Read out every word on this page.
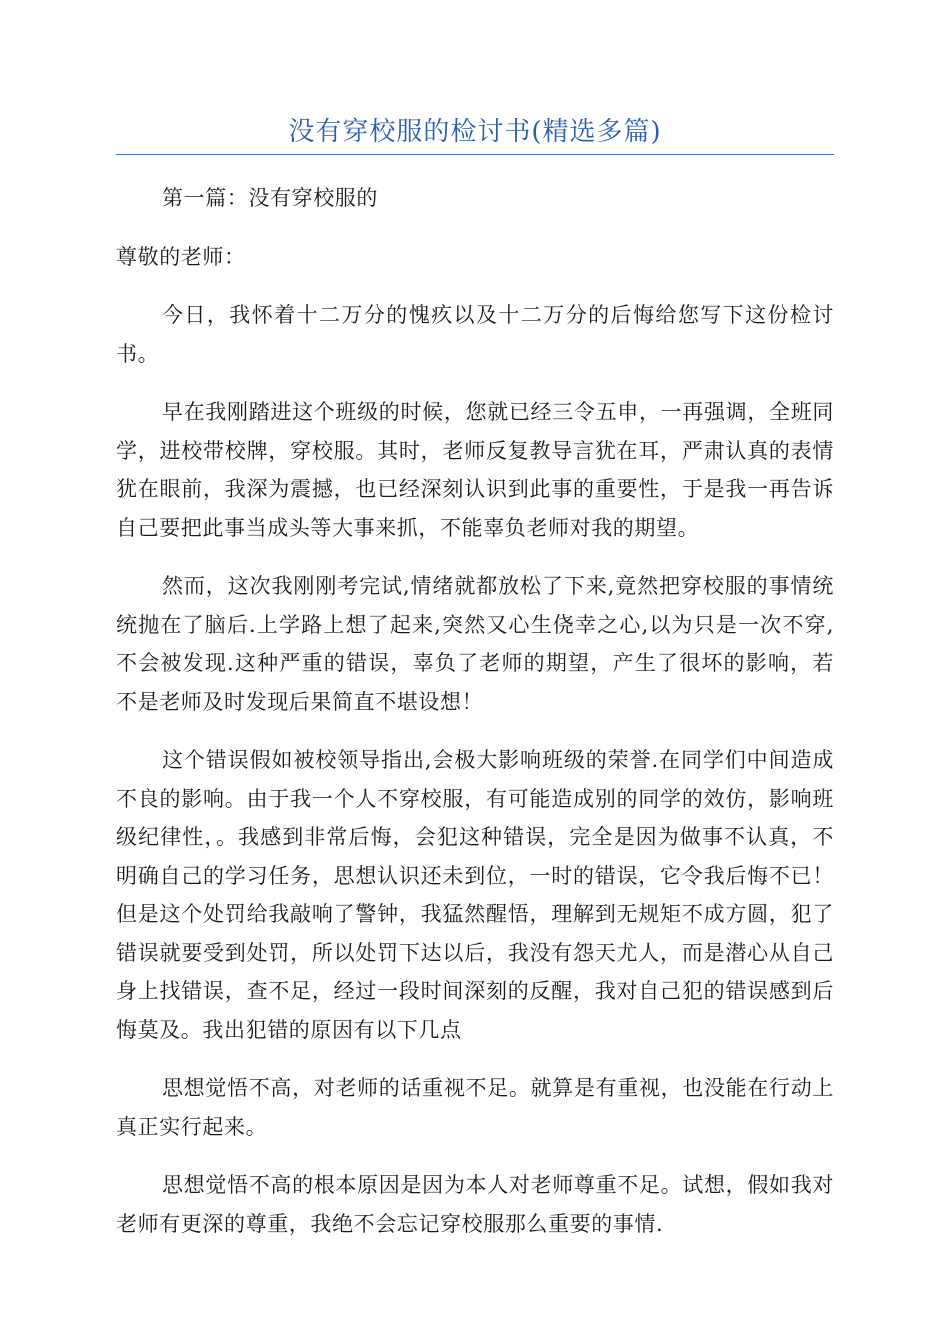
没有穿校服的检讨书(精选多篇)

第一篇：没有穿校服的

尊敬的老师：

今日，我怀着十二万分的愧疚以及十二万分的后悔给您写下这份检讨书。

早在我刚踏进这个班级的时候，您就已经三令五申，一再强调，全班同学，进校带校牌，穿校服。其时，老师反复教导言犹在耳，严肃认真的表情犹在眼前，我深为震撼，也已经深刻认识到此事的重要性，于是我一再告诉自己要把此事当成头等大事来抓，不能辜负老师对我的期望。

然而，这次我刚刚考完试,情绪就都放松了下来,竟然把穿校服的事情统统抛在了脑后.上学路上想了起来,突然又心生侥幸之心,以为只是一次不穿,不会被发现.这种严重的错误，辜负了老师的期望，产生了很坏的影响，若不是老师及时发现后果简直不堪设想！

这个错误假如被校领导指出,会极大影响班级的荣誉.在同学们中间造成不良的影响。由于我一个人不穿校服，有可能造成别的同学的效仿，影响班级纪律性，。我感到非常后悔，会犯这种错误，完全是因为做事不认真，不明确自己的学习任务，思想认识还未到位，一时的错误，它令我后悔不已！但是这个处罚给我敲响了警钟，我猛然醒悟，理解到无规矩不成方圆，犯了错误就要受到处罚，所以处罚下达以后，我没有怨天尤人，而是潜心从自己身上找错误，查不足，经过一段时间深刻的反醒，我对自己犯的错误感到后悔莫及。我出犯错的原因有以下几点

思想觉悟不高，对老师的话重视不足。就算是有重视，也没能在行动上真正实行起来。

思想觉悟不高的根本原因是因为本人对老师尊重不足。试想，假如我对老师有更深的尊重，我绝不会忘记穿校服那么重要的事情.
